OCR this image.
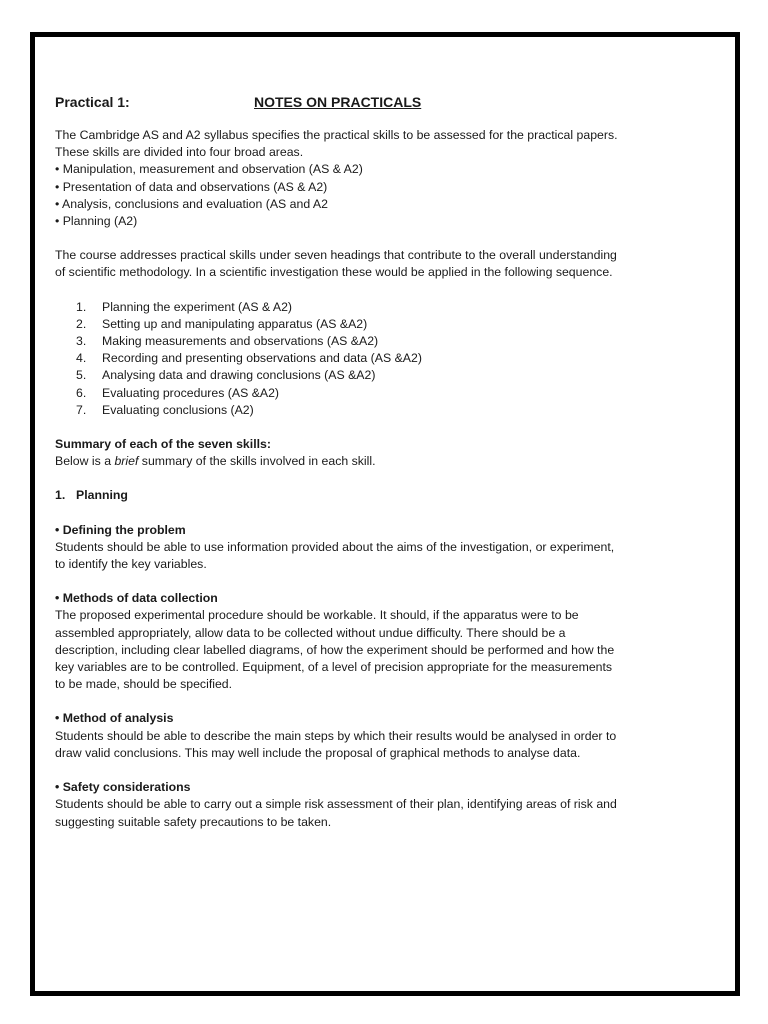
Practical 1:	NOTES ON PRACTICALS

The Cambridge AS and A2 syllabus specifies the practical skills to be assessed for the practical papers.
These skills are divided into four broad areas.
• Manipulation, measurement and observation (AS & A2)
• Presentation of data and observations (AS & A2)
• Analysis, conclusions and evaluation (AS and A2
• Planning (A2)

The course addresses practical skills under seven headings that contribute to the overall understanding
of scientific methodology. In a scientific investigation these would be applied in the following sequence.

1. Planning the experiment (AS & A2)
2. Setting up and manipulating apparatus (AS &A2)
3. Making measurements and observations (AS &A2)
4. Recording and presenting observations and data (AS &A2)
5. Analysing data and drawing conclusions (AS &A2)
6. Evaluating procedures (AS &A2)
7. Evaluating conclusions (A2)

Summary of each of the seven skills:
Below is a brief summary of the skills involved in each skill.

1. Planning

• Defining the problem
Students should be able to use information provided about the aims of the investigation, or experiment,
to identify the key variables.

• Methods of data collection
The proposed experimental procedure should be workable. It should, if the apparatus were to be
assembled appropriately, allow data to be collected without undue difficulty. There should be a
description, including clear labelled diagrams, of how the experiment should be performed and how the
key variables are to be controlled. Equipment, of a level of precision appropriate for the measurements
to be made, should be specified.

• Method of analysis
Students should be able to describe the main steps by which their results would be analysed in order to
draw valid conclusions. This may well include the proposal of graphical methods to analyse data.

• Safety considerations
Students should be able to carry out a simple risk assessment of their plan, identifying areas of risk and
suggesting suitable safety precautions to be taken.
